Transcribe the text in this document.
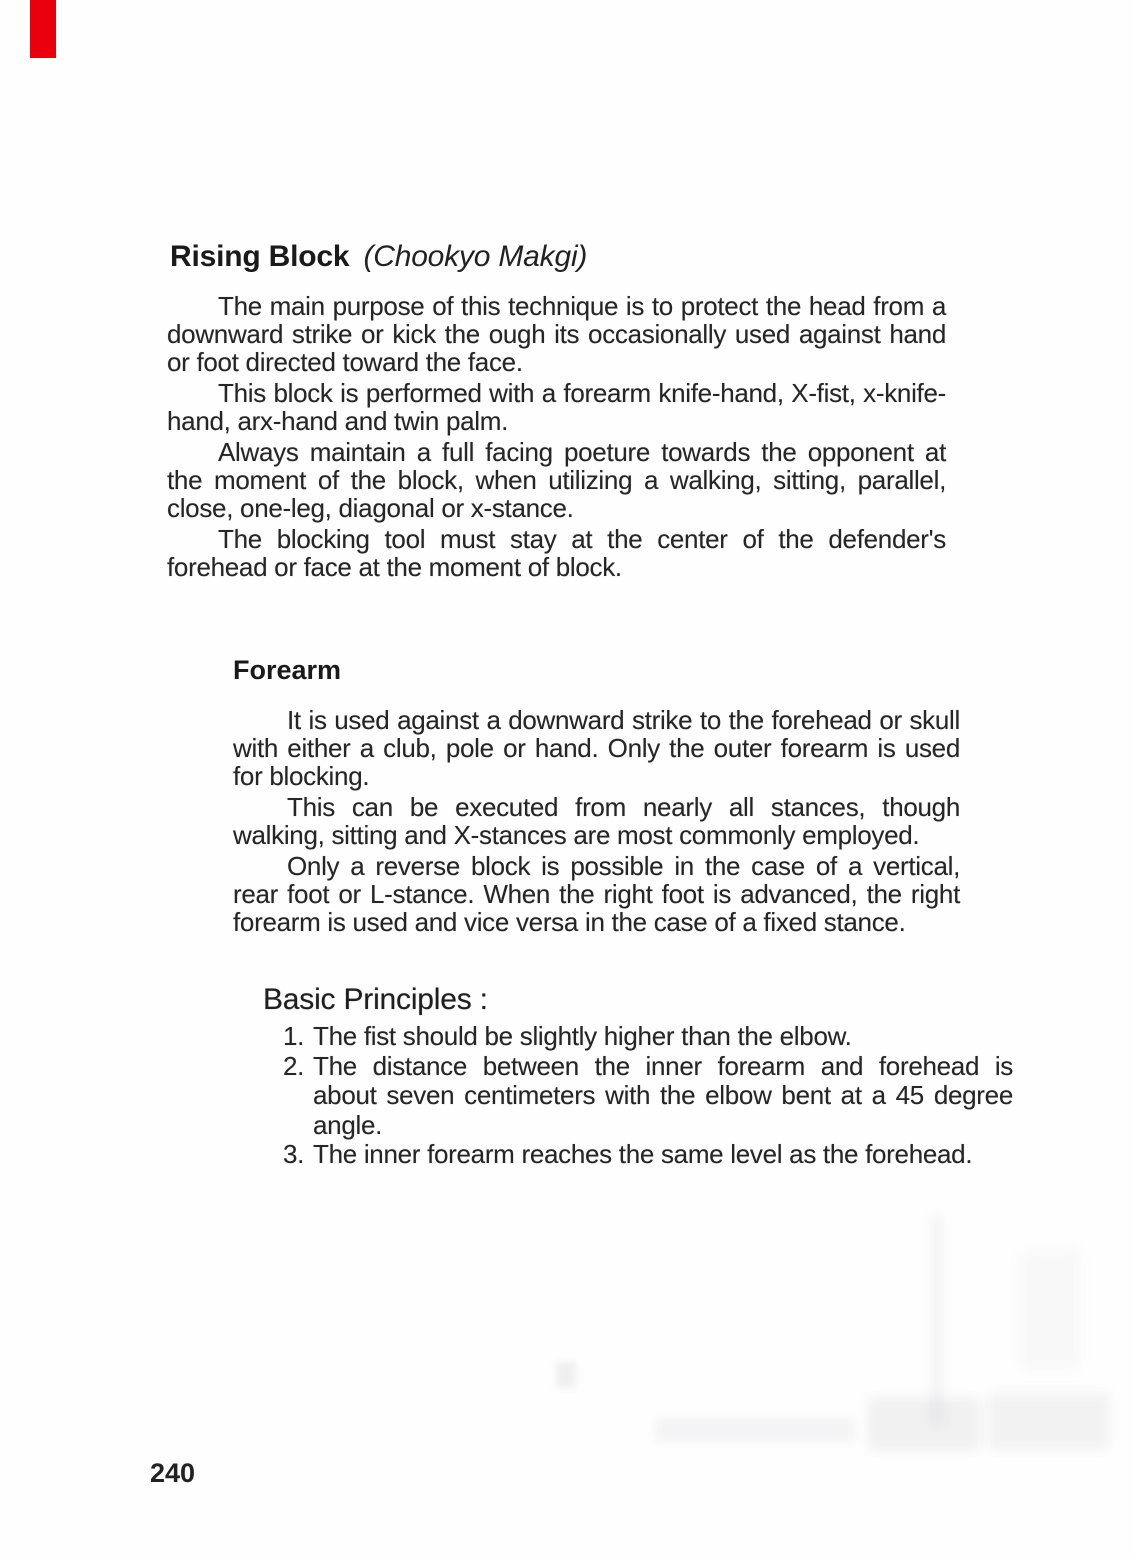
Rising Block (Chookyo Makgi)

The main purpose of this technique is to protect the head from a downward strike or kick the ough its occasionally used against hand or foot directed toward the face.

This block is performed with a forearm knife-hand, X-fist, x-knife-hand, arx-hand and twin palm.

Always maintain a full facing poeture towards the opponent at the moment of the block, when utilizing a walking, sitting, parallel, close, one-leg, diagonal or x-stance.

The blocking tool must stay at the center of the defender's forehead or face at the moment of block.

Forearm

It is used against a downward strike to the forehead or skull with either a club, pole or hand. Only the outer forearm is used for blocking.

This can be executed from nearly all stances, though walking, sitting and X-stances are most commonly employed.

Only a reverse block is possible in the case of a vertical, rear foot or L-stance. When the right foot is advanced, the right forearm is used and vice versa in the case of a fixed stance.

Basic Principles :
1. The fist should be slightly higher than the elbow.
2. The distance between the inner forearm and forehead is about seven centimeters with the elbow bent at a 45 degree angle.
3. The inner forearm reaches the same level as the forehead.
240
